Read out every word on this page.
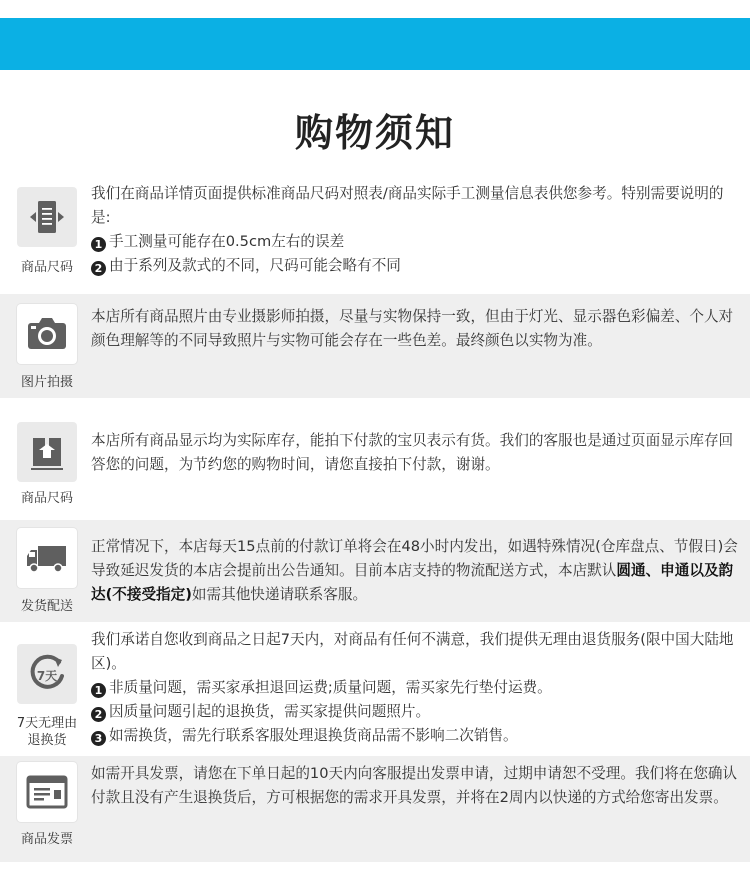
购物须知
商品尺码

我们在商品详情页面提供标准商品尺码对照表/商品实际手工测量信息表供您参考。特别需要说明的是:

1 手工测量可能存在0.5cm左右的误差

2 由于系列及款式的不同，尺码可能会略有不同

图片拍摄

本店所有商品照片由专业摄影师拍摄，尽量与实物保持一致，但由于灯光、显示器色彩偏差、个人对颜色理解等的不同导致照片与实物可能会存在一些色差。最终颜色以实物为准。

商品尺码

本店所有商品显示均为实际库存，能拍下付款的宝贝表示有货。我们的客服也是通过页面显示库存回答您的问题，为节约您的购物时间，请您直接拍下付款，谢谢。

发货配送

正常情况下，本店每天15点前的付款订单将会在48小时内发出，如遇特殊情况(仓库盘点、节假日)会导致延迟发货的本店会提前出公告通知。目前本店支持的物流配送方式，本店默认圆通、申通以及韵达(不接受指定)如需其他快递请联系客服。

7天
7天无理由
退换货

我们承诺自您收到商品之日起7天内，对商品有任何不满意，我们提供无理由退货服务(限中国大陆地区)。

1 非质量问题，需买家承担退回运费;质量问题，需买家先行垫付运费。

2 因质量问题引起的退换货，需买家提供问题照片。

3 如需换货，需先行联系客服处理退换货商品需不影响二次销售。

商品发票

如需开具发票，请您在下单日起的10天内向客服提出发票申请，过期申请恕不受理。我们将在您确认付款且没有产生退换货后，方可根据您的需求开具发票，并将在2周内以快递的方式给您寄出发票。
